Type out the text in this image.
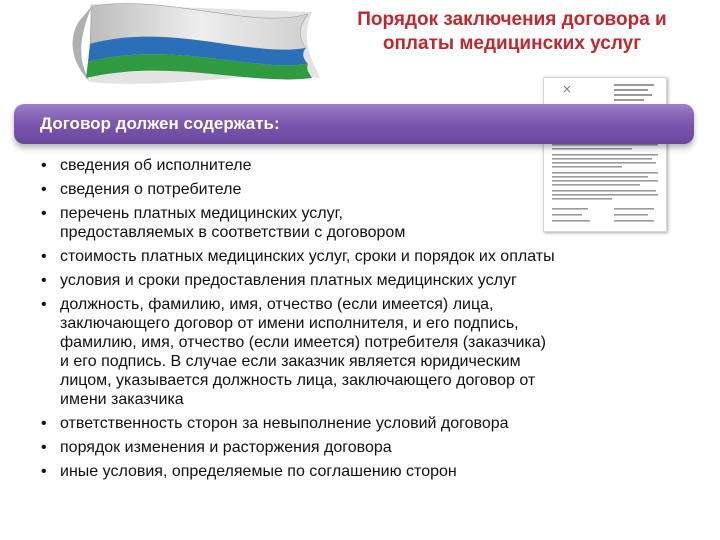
Порядок заключения договора и
оплаты медицинских услуг
Договор должен содержать:
• сведения об исполнителе
• сведения о потребителе
• перечень платных медицинских услуг,
предоставляемых в соответствии с договором
• стоимость платных медицинских услуг, сроки и порядок их оплаты
• условия и сроки предоставления платных медицинских услуг
• должность, фамилию, имя, отчество (если имеется) лица,
заключающего договор от имени исполнителя, и его подпись,
фамилию, имя, отчество (если имеется) потребителя (заказчика)
и его подпись. В случае если заказчик является юридическим
лицом, указывается должность лица, заключающего договор от
имени заказчика
• ответственность сторон за невыполнение условий договора
• порядок изменения и расторжения договора
• иные условия, определяемые по соглашению сторон
